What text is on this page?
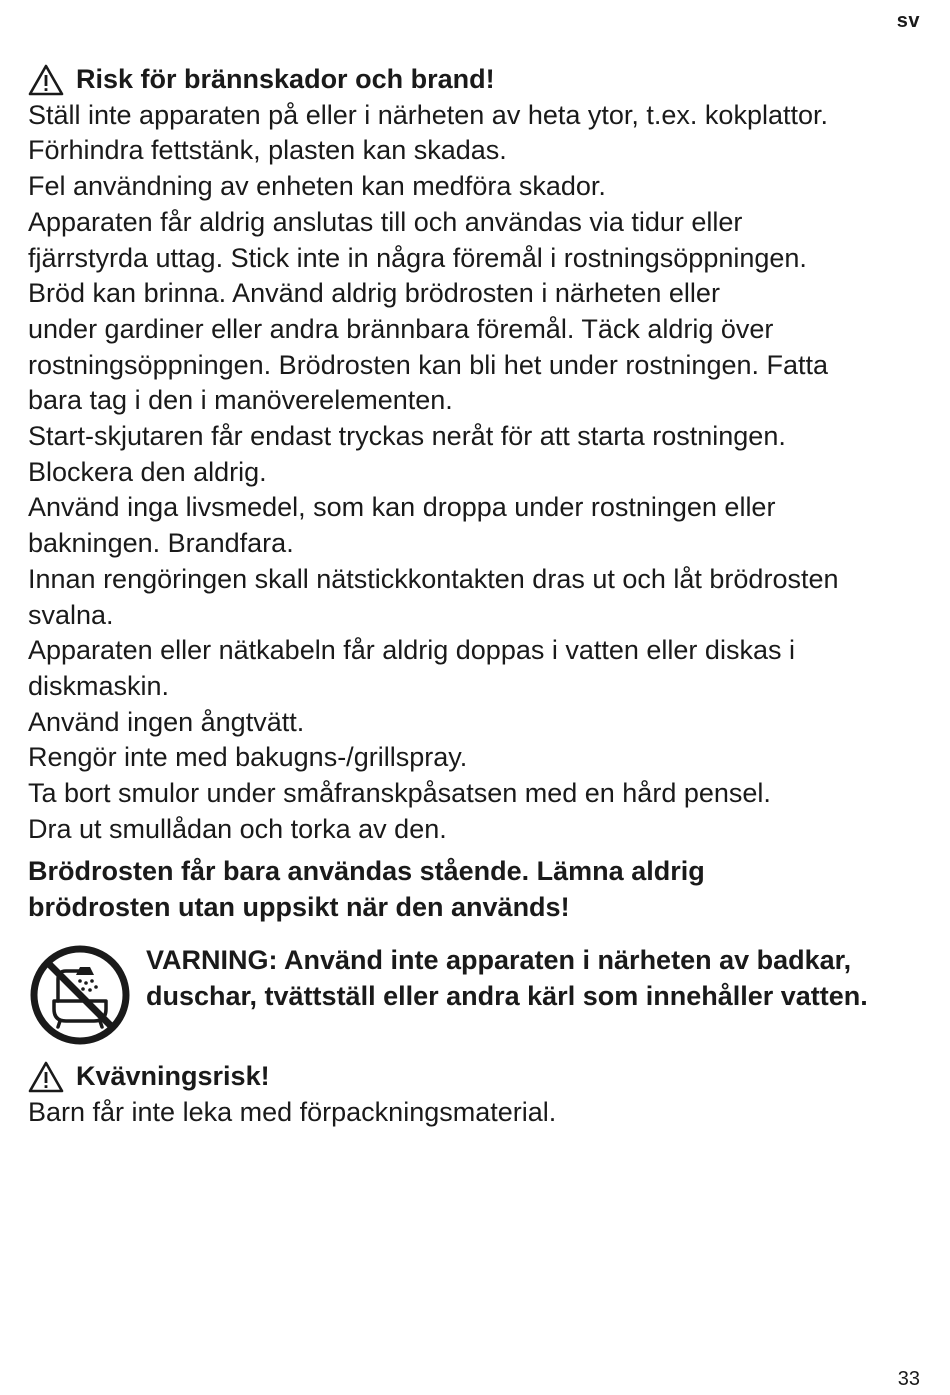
sv
Risk för brännskador och brand!
Ställ inte apparaten på eller i närheten av heta ytor, t.ex. kokplattor.
Förhindra fettstänk, plasten kan skadas.
Fel användning av enheten kan medföra skador.
Apparaten får aldrig anslutas till och användas via tidur eller
fjärrstyrda uttag. Stick inte in några föremål i rostningsöppningen.
Bröd kan brinna. Använd aldrig brödrosten i närheten eller
under gardiner eller andra brännbara föremål. Täck aldrig över
rostningsöppningen. Brödrosten kan bli het under rostningen. Fatta
bara tag i den i manöverelementen.
Start-skjutaren får endast tryckas neråt för att starta rostningen.
Blockera den aldrig.
Använd inga livsmedel, som kan droppa under rostningen eller
bakningen. Brandfara.
Innan rengöringen skall nätstickkontakten dras ut och låt brödrosten
svalna.
Apparaten eller nätkabeln får aldrig doppas i vatten eller diskas i
diskmaskin.
Använd ingen ångtvätt.
Rengör inte med bakugns-/grillspray.
Ta bort smulor under småfranskpåsatsen med en hård pensel.
Dra ut smullådan och torka av den.
Brödrosten får bara användas stående. Lämna aldrig
brödrosten utan uppsikt när den används!
VARNING: Använd inte apparaten i närheten av badkar,
duschar, tvättställ eller andra kärl som innehåller vatten.
Kvävningsrisk!
Barn får inte leka med förpackningsmaterial.
33
